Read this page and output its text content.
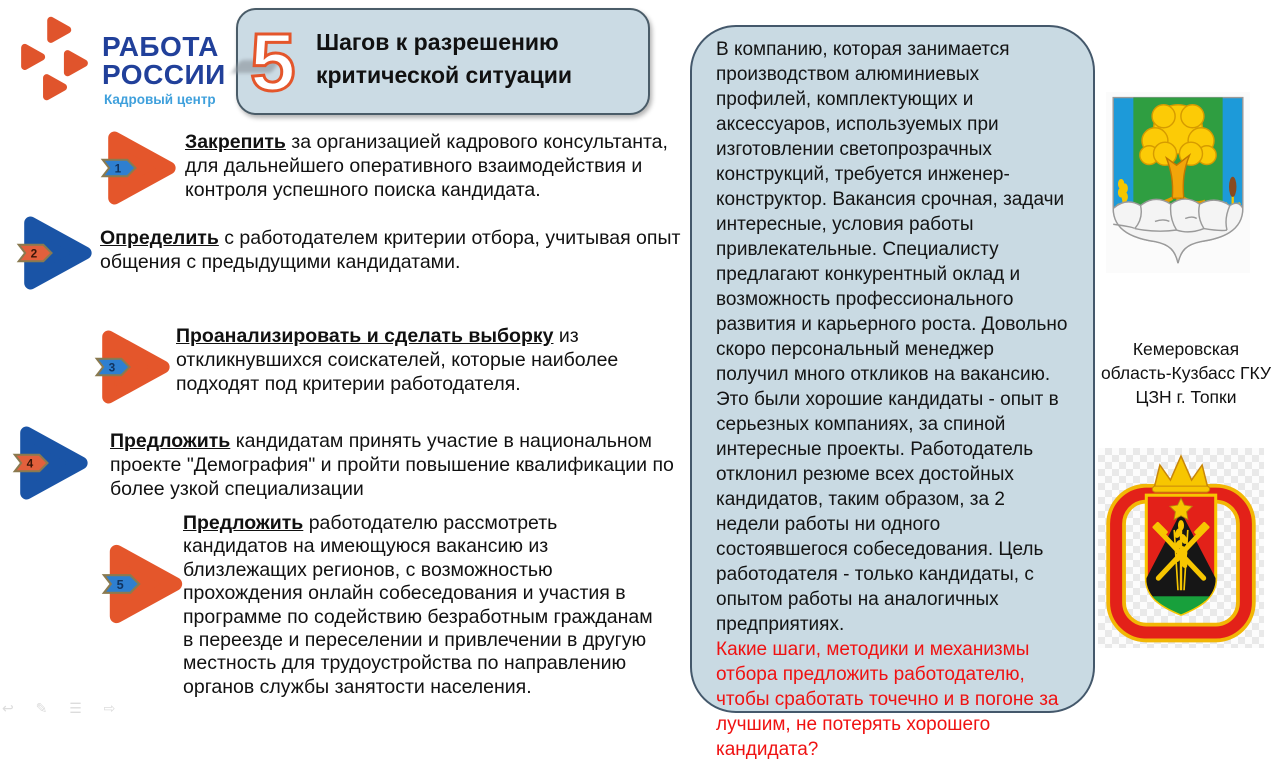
РАБОТА
РОССИИ
Кадровый центр 5 Шагов к разрешению
критической ситуации
1
2
3
4
5
Закрепить за организацией кадрового консультанта, для дальнейшего оперативного взаимодействия и контроля успешного поиска кандидата.
Определить с работодателем критерии отбора, учитывая опыт общения с предыдущими кандидатами.
Проанализировать и сделать выборку из откликнувшихся соискателей, которые наиболее подходят под критерии работодателя.
Предложить кандидатам принять участие в национальном проекте "Демография" и пройти повышение квалификации по более узкой специализации
Предложить работодателю рассмотреть кандидатов на имеющуюся вакансию из близлежащих регионов, с возможностью прохождения онлайн собеседования и участия в программе по содействию безработным гражданам в переезде и переселении и привлечении в другую местность для трудоустройства по направлению органов службы занятости населения.
В компанию, которая занимается производством алюминиевых профилей, комплектующих и аксессуаров, используемых при изготовлении светопрозрачных конструкций, требуется инженер-конструктор. Вакансия срочная, задачи интересные, условия работы привлекательные. Специалисту предлагают конкурентный оклад и возможность профессионального развития и карьерного роста. Довольно скоро персональный менеджер получил много откликов на вакансию. Это были хорошие кандидаты - опыт в серьезных компаниях, за спиной интересные проекты. Работодатель отклонил резюме всех достойных кандидатов, таким образом, за 2 недели работы ни одного состоявшегося собеседования. Цель работодателя - только кандидаты, с опытом работы на аналогичных предприятиях.
Какие шаги, методики и механизмы отбора предложить работодателю, чтобы сработать точечно и в погоне за лучшим, не потерять хорошего кандидата?
Кемеровская область-Кузбасс ГКУ ЦЗН г. Топки
↩ ✎ ☰ ⇨
